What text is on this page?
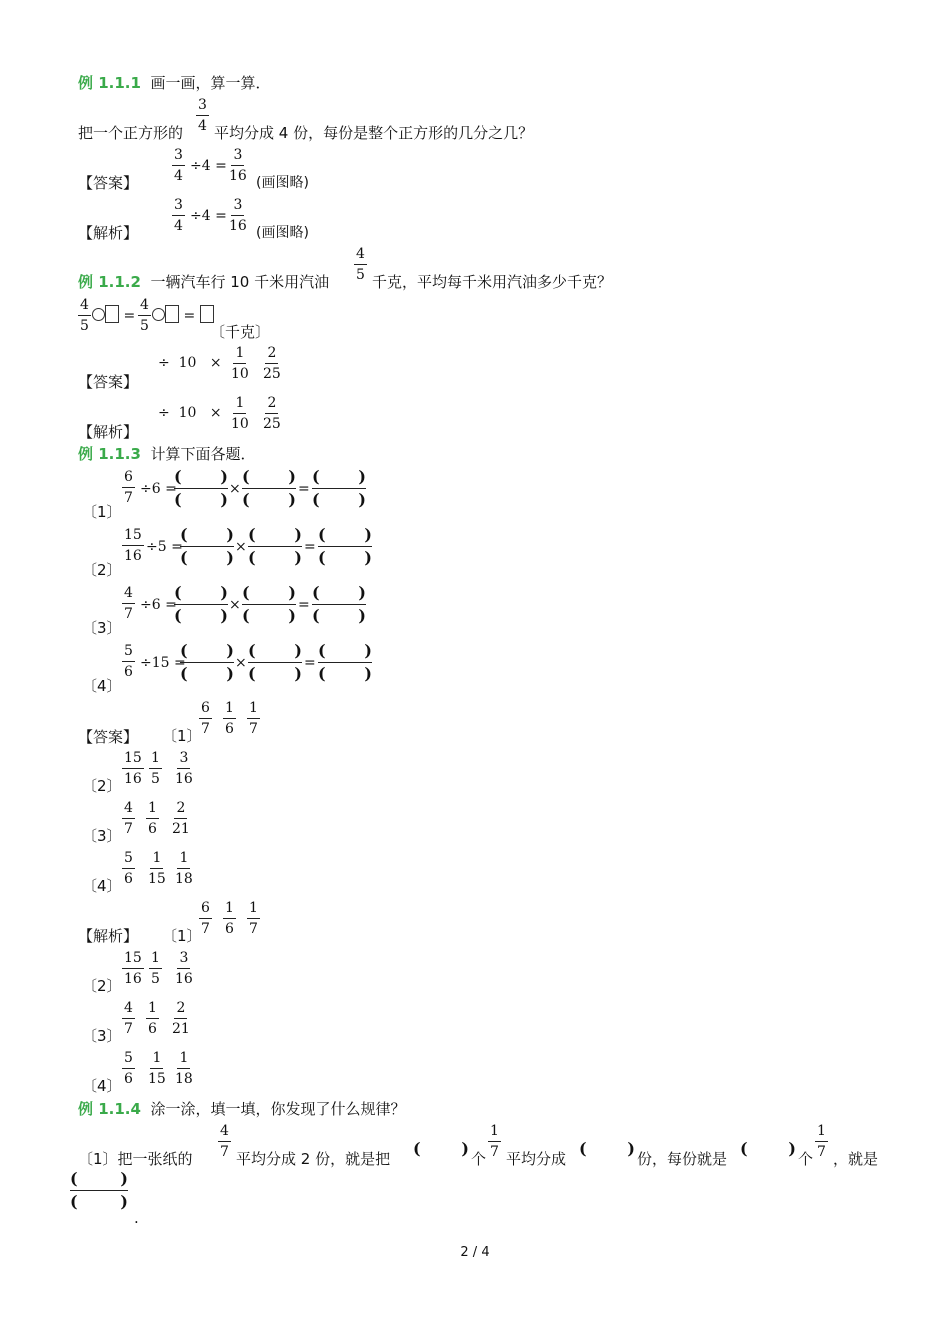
例 1.1.1 画一画，算一算．
把一个正方形的 $\frac{3}{4}$ 平均分成 4 份，每份是整个正方形的几分之几？
【答案】 $\frac{3}{4} \div 4 = \frac{3}{16}$ (画图略)
【解析】 $\frac{3}{4} \div 4 = \frac{3}{16}$ (画图略)
例 1.1.2 一辆汽车行 10 千米用汽油 $\frac{4}{5}$ 千克，平均每千米用汽油多少千克？
$\frac{4}{5}$	= $\frac{4}{5}$	=
〔千克〕
【答案】
÷ $10 \times \frac{1}{10} \frac{2}{25}$
【解析】
÷ $10 \times \frac{1}{10} \frac{2}{25}$
例 1.1.3 计算下面各题．
〔1〕
$\frac{6}{7} \div 6$ =
( )
( )
×
( )
( )
=
( )
( )
〔2〕
$\frac{15}{16} \div 5$ =
( )
( )
×
( )
( )
=
( )
( )
〔3〕
$\frac{4}{7} \div 6$ =
( )
( )
×
( )
( )
=
( )
( )
〔4〕
$\frac{5}{6} \div 15$ =
( )
( )
×
( )
( )
=
( )
( )
【答案】
【解析】
〔1〕
$\frac{6}{7} \frac{1}{6} \frac{1}{7}$
〔2〕 $\frac{15}{16} \frac{1}{5} \frac{3}{16}$
〔3〕 $\frac{4}{7} \frac{1}{6} \frac{2}{21}$
〔4〕 $\frac{5}{6} \frac{1}{15} \frac{1}{18}$
〔1〕
$\frac{6}{7} \frac{1}{6} \frac{1}{7}$
〔2〕 $\frac{15}{16} \frac{1}{5} \frac{3}{16}$
〔3〕 $\frac{4}{7} \frac{1}{6} \frac{2}{21}$
〔4〕 $\frac{5}{6} \frac{1}{15} \frac{1}{18}$
例 1.1.4 涂一涂，填一填，你发现了什么规律？
〔1〕把一张纸的 $\frac{4}{7}$ 平均分成 2 份，就是把
(	)
个 $\frac{1}{7}$ 平均分成
(	)
份，每份就是
(	)
个 $\frac{1}{7}$ ，就是
(	)
(	)
.
2 / 4
